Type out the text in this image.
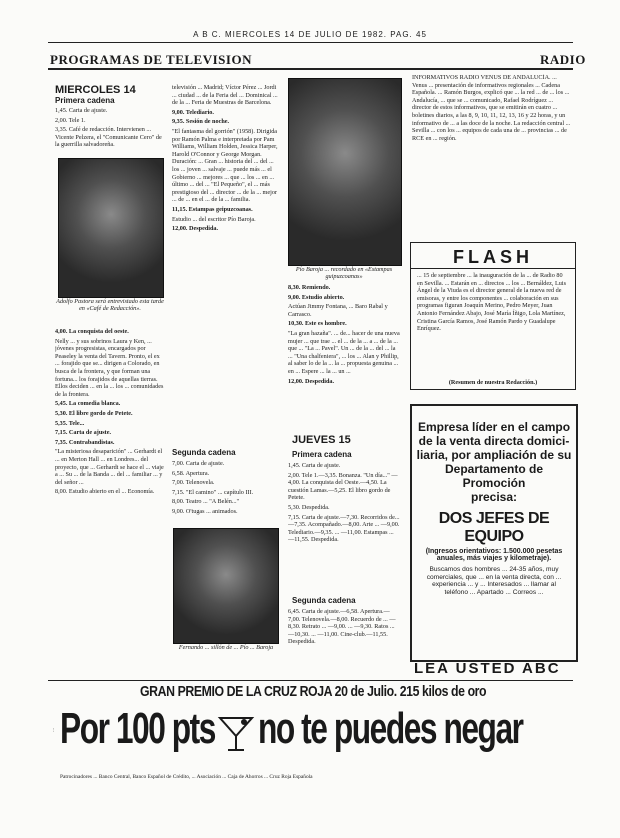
A B C. MIERCOLES 14 DE JULIO DE 1982. PAG. 45
PROGRAMAS DE TELEVISION	RADIO
MIERCOLES 14
Primera cadena

1,45. Carta de ajuste.

2,00. Tele 1.

3,35. Café de redacción. Intervienen ... Vicente Pelzera, el "Comunicante Cero" de la guerrilla salvadoreña.

Adolfo Pastora será entrevistado esta tarde en «Café de Redacción».

4,00. La conquista del oeste.

Nelly ... y sus sobrinos Laura y Ken, ... jóvenes progresistas, encargados por Peaseley la venta del Tavern. Pronto, el ex ... forajido que se... dirigen a Colorado, en busca de la frontera, y que forman una fortuna... los forajidos de aquellas tierras. Ellos deciden ... en la ... los ... comunidades de la frontera.

5,45. La comedia blanca.

5,30. El libre gordo de Petete.

5,35. Tele...

7,15. Carta de ajuste.

7,35. Contrabandistas.

"La misteriosa desaparición" ... Gerhardt el ... en Merton Hall ... en Londres... del proyecto, que ... Gerhardt se hace el ... viaje a ... Su ... de la Banda ... del ... familiar ... y del señor ...

8,00. Estudio abierto en el ... Economía.

televisión ... Madrid; Víctor Pérez ... Jordi ... ciudad ... de la Feria del ... Dominical ... de la ... Feria de Muestras de Barcelona.

9,00. Telediario.

9,35. Sesión de noche.

"El fantasma del gorrión" (1958). Dirigida por Ramón Palma e interpretada por Pam Williams, William Holden, Jessica Harper, Harold O'Connor y George Morgan. Duración: ... Gran ... historia del ... del ... los ... joven ... salvaje ... puede más ... el Gobierno ... mejores ... que ... los ... en ... último ... del ... "El Pequeño", el ... más prestigioso del ... director ... de la ... mejor ... de ... en el ... de la ... familia.

11,15. Estampas geipuzcoanas.

Estudio ... del escritor Pío Baroja.

12,00. Despedida.

Segunda cadena

7,00. Carta de ajuste.

6,58. Apertura.

7,00. Telenovela.

7,15. "El camino" ... capítulo III.

8,00. Teatro ... "A Belén..."

9,00. O'tugas ... animados.

Fernando ... sillón de ... Pío ... Baroja
Pío Baroja ... recordado en «Estampas guipuzcoanas»

8,30. Remiendo.

9,00. Estudio abierto.

Actúan Jimmy Fontana, ... Baro Rabal y Carrasco.

10,30. Este es hombre.

"La gran hazaña". ... de... hacer de una nueva mujer ... que trae ... el ... de la ... a ... de la ... que ... "La ... Pavel". Un ... de la ... del ... la ... "Una chalfeniera", ... los ... Alan y Phillip, al saber lo de la ... la ... propuesta genuina ... en ... Espere ... la ... un ...

12,00. Despedida.

JUEVES 15
Primera cadena

1,45. Carta de ajuste.

2,00. Tele 1.—3,35. Bonanza. "Un día..." —4,00. La conquista del Oeste.—4,50. La cuestión Lamas.—5,25. El libro gordo de Petete.

5,30. Despedida.

7,15. Carta de ajuste.—7,30. Recorridos de... —7,35. Acompañado.—8,00. Arte ... —9,00. Telediario.—9,35. ... —11,00. Estampas ... —11,55. Despedida.

Segunda cadena

6,45. Carta de ajuste.—6,58. Apertura.—7,00. Telenovela.—8,00. Recuerdo de ... —8,30. Retrato ... —9,00. ... —9,30. Ratos ... —10,30. ... —11,00. Cine-club.—11,55. Despedida.

INFORMATIVOS RADIO VENUS DE ANDALUCÍA. ... Venus ... presentación de informativos regionales ... Cadena Española. ... Ramón Burgos, explicó que ... la red ... de ... los ... Andalucía, ... que se ... comunicado, Rafael Rodríguez ... director de estos informativos, que se emitirán en cuatro ... boletines diarios, a las 8, 9, 10, 11, 12, 13, 16 y 22 horas, y un informativo de ... a las doce de la noche. La redacción central ... Sevilla ... con los ... equipos de cada una de ... provincias ... de RCE en ... región.
FLASH
... 15 de septiembre ... la inauguración de la ... de Radio 80 en Sevilla. ... Estarán en ... directos ... los ... Bernáldez, Luis Ángel de la Viuda es el director general de la nueva red de emisoras, y entre los componentes ... colaboración en sus programas figuran Joaquín Merino, Pedro Meyer, Juan Antonio Fernández Abajo, José María Íñigo, Lola Martínez, Cristina García Ramos, José Ramón Pardo y Guadalupe Enríquez.
(Resumen de nuestra Redacción.)
Empresa líder en el campo
de la venta directa domici-
liaria, por ampliación de su
Departamento de Promoción
precisa:
DOS JEFES DE EQUIPO
(Ingresos orientativos: 1.500.000 pesetas anuales, más viajes y kilometraje).
Buscamos dos hombres ... 24-35 años, muy comerciales, que ... en la venta directa, con ... experiencia ... y ... Interesados ... llamar al teléfono ... Apartado ... Correos ...
LEA USTED ABC
...
GRAN PREMIO DE LA CRUZ ROJA 20 de Julio. 215 kilos de oro
Por 100 pts no te puedes negar
Patrocinadores ... Banco Central, Banco Español de Crédito, ... Asociación ... Caja de Ahorros ... Cruz Roja Española
